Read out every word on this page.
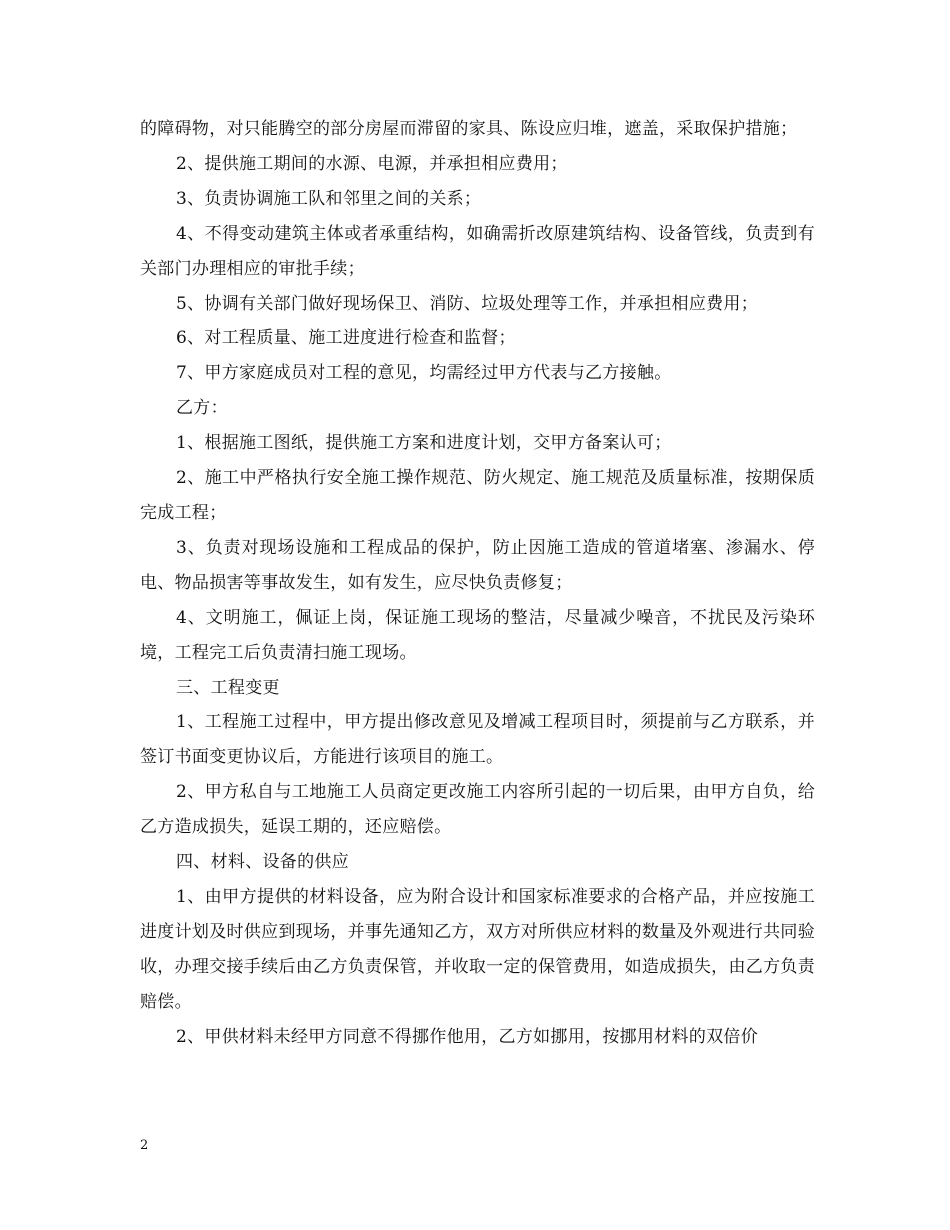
的障碍物，对只能腾空的部分房屋而滞留的家具、陈设应归堆，遮盖，采取保护措施；

2、提供施工期间的水源、电源，并承担相应费用；

3、负责协调施工队和邻里之间的关系；

4、不得变动建筑主体或者承重结构，如确需折改原建筑结构、设备管线，负责到有关部门办理相应的审批手续；

5、协调有关部门做好现场保卫、消防、垃圾处理等工作，并承担相应费用；

6、对工程质量、施工进度进行检查和监督；

7、甲方家庭成员对工程的意见，均需经过甲方代表与乙方接触。

乙方：

1、根据施工图纸，提供施工方案和进度计划，交甲方备案认可；

2、施工中严格执行安全施工操作规范、防火规定、施工规范及质量标准，按期保质完成工程；

3、负责对现场设施和工程成品的保护，防止因施工造成的管道堵塞、渗漏水、停电、物品损害等事故发生，如有发生，应尽快负责修复；

4、文明施工，佩证上岗，保证施工现场的整洁，尽量减少噪音，不扰民及污染环境，工程完工后负责清扫施工现场。

三、工程变更

1、工程施工过程中，甲方提出修改意见及增减工程项目时，须提前与乙方联系，并签订书面变更协议后，方能进行该项目的施工。

2、甲方私自与工地施工人员商定更改施工内容所引起的一切后果，由甲方自负，给乙方造成损失，延误工期的，还应赔偿。

四、材料、设备的供应

1、由甲方提供的材料设备，应为附合设计和国家标准要求的合格产品，并应按施工进度计划及时供应到现场，并事先通知乙方，双方对所供应材料的数量及外观进行共同验收，办理交接手续后由乙方负责保管，并收取一定的保管费用，如造成损失，由乙方负责赔偿。

2、甲供材料未经甲方同意不得挪作他用，乙方如挪用，按挪用材料的双倍价

2
